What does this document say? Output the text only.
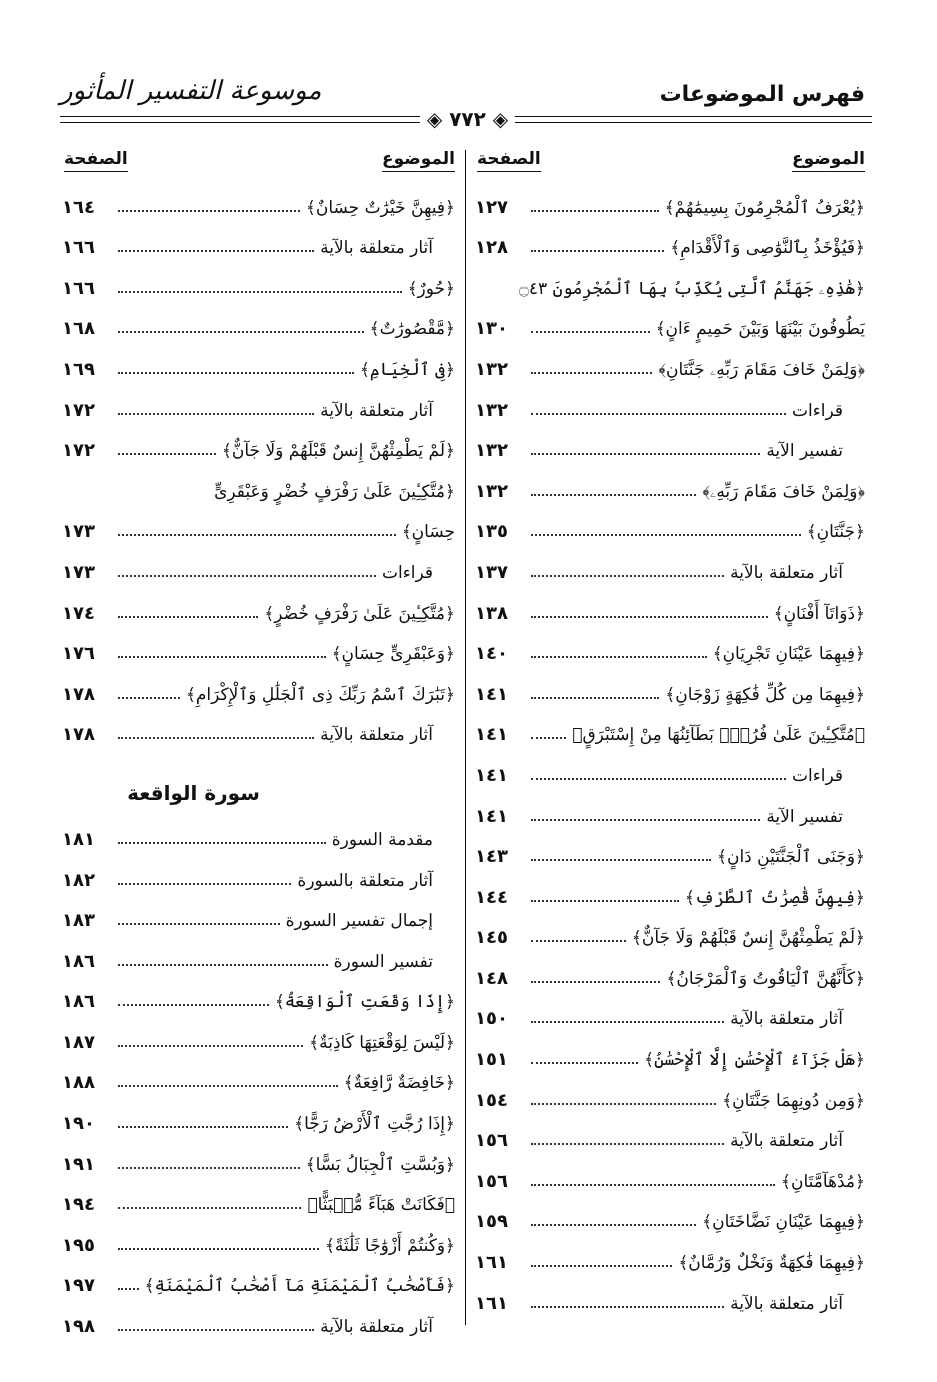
فهرس الموضوعات
موسوعة التفسير المأثور
◈ ٧٧٢ ◈
الموضوع
الصفحة
﴿يُعْرَفُ ٱلْمُجْرِمُونَ بِسِيمَٰهُمْ﴾
١٢٧
﴿فَيُؤْخَذُ بِٱلنَّوَٰصِى وَٱلْأَقْدَامِ﴾
١٢٨
﴿هَٰذِهِۦ جَهَنَّمُ ٱلَّتِى يُكَذِّبُ بِهَا ٱلْمُجْرِمُونَ ۝٤٣
يَطُوفُونَ بَيْنَهَا وَبَيْنَ حَمِيمٍ ءَانٍ﴾
١٣٠
﴿وَلِمَنْ خَافَ مَقَامَ رَبِّهِۦ جَنَّتَانِ﴾
١٣٢
قراءات
١٣٢
تفسير الآية
١٣٢
﴿وَلِمَنْ خَافَ مَقَامَ رَبِّهِۦ﴾
١٣٢
﴿جَنَّتَانِ﴾
١٣٥
آثار متعلقة بالآية
١٣٧
﴿ذَوَاتَآ أَفْنَانٍ﴾
١٣٨
﴿فِيهِمَا عَيْنَانِ تَجْرِيَانِ﴾
١٤٠
﴿فِيهِمَا مِن كُلِّ فَٰكِهَةٍ زَوْجَانِ﴾
١٤١
﴿مُتَّكِـِٔينَ عَلَىٰ فُرُشٍۭ بَطَآئِنُهَا مِنْ إِسْتَبْرَقٍ﴾
١٤١
قراءات
١٤١
تفسير الآية
١٤١
﴿وَجَنَى ٱلْجَنَّتَيْنِ دَانٍ﴾
١٤٣
﴿فِيهِنَّ قَٰصِرَٰتُ ٱلطَّرْفِ﴾
١٤٤
﴿لَمْ يَطْمِثْهُنَّ إِنسٌ قَبْلَهُمْ وَلَا جَآنٌّ﴾
١٤٥
﴿كَأَنَّهُنَّ ٱلْيَاقُوتُ وَٱلْمَرْجَانُ﴾
١٤٨
آثار متعلقة بالآية
١٥٠
﴿هَلْ جَزَآءُ ٱلْإِحْسَٰنِ إِلَّا ٱلْإِحْسَٰنُ﴾
١٥١
﴿وَمِن دُونِهِمَا جَنَّتَانِ﴾
١٥٤
آثار متعلقة بالآية
١٥٦
﴿مُدْهَآمَّتَانِ﴾
١٥٦
﴿فِيهِمَا عَيْنَانِ نَضَّاخَتَانِ﴾
١٥٩
﴿فِيهِمَا فَٰكِهَةٌ وَنَخْلٌ وَرُمَّانٌ﴾
١٦١
آثار متعلقة بالآية
١٦١
الموضوع
الصفحة
﴿فِيهِنَّ خَيْرَٰتٌ حِسَانٌ﴾
١٦٤
آثار متعلقة بالآية
١٦٦
﴿حُورٌ﴾
١٦٦
﴿مَّقْصُورَٰتٌ﴾
١٦٨
﴿فِى ٱلْخِيَامِ﴾
١٦٩
آثار متعلقة بالآية
١٧٢
﴿لَمْ يَطْمِثْهُنَّ إِنسٌ قَبْلَهُمْ وَلَا جَآنٌّ﴾
١٧٢
﴿مُتَّكِـِٔينَ عَلَىٰ رَفْرَفٍ خُضْرٍ وَعَبْقَرِىٍّ
حِسَانٍ﴾
١٧٣
قراءات
١٧٣
﴿مُتَّكِـِٔينَ عَلَىٰ رَفْرَفٍ خُضْرٍ﴾
١٧٤
﴿وَعَبْقَرِىٍّ حِسَانٍ﴾
١٧٦
﴿تَبَٰرَكَ ٱسْمُ رَبِّكَ ذِى ٱلْجَلَٰلِ وَٱلْإِكْرَامِ﴾
١٧٨
آثار متعلقة بالآية
١٧٨
سورة الواقعة
مقدمة السورة
١٨١
آثار متعلقة بالسورة
١٨٢
إجمال تفسير السورة
١٨٣
تفسير السورة
١٨٦
﴿إِذَا وَقَعَتِ ٱلْوَاقِعَةُ﴾
١٨٦
﴿لَيْسَ لِوَقْعَتِهَا كَاذِبَةٌ﴾
١٨٧
﴿خَافِضَةٌ رَّافِعَةٌ﴾
١٨٨
﴿إِذَا رُجَّتِ ٱلْأَرْضُ رَجًّا﴾
١٩٠
﴿وَبُسَّتِ ٱلْجِبَالُ بَسًّا﴾
١٩١
﴿فَكَانَتْ هَبَآءً مُّنۢبَثًّا﴾
١٩٤
﴿وَكُنتُمْ أَزْوَٰجًا ثَلَٰثَةً﴾
١٩٥
﴿فَأَصْحَٰبُ ٱلْمَيْمَنَةِ مَآ أَصْحَٰبُ ٱلْمَيْمَنَةِ﴾
١٩٧
آثار متعلقة بالآية
١٩٨
